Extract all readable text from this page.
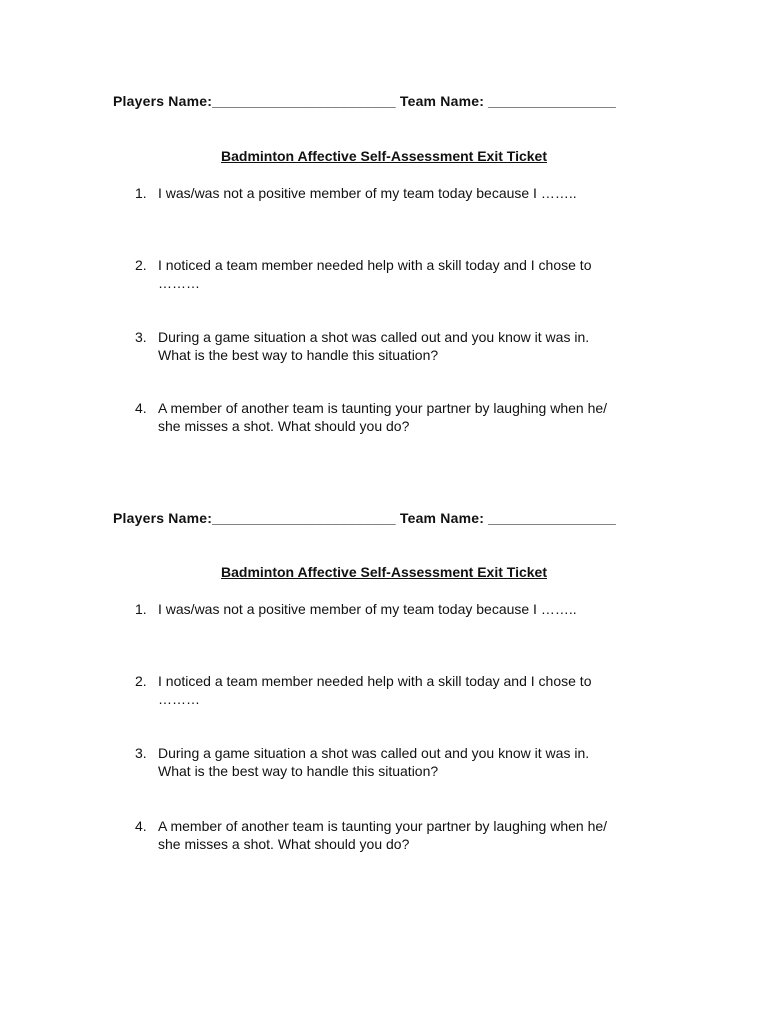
Players Name:_______________________ Team Name: ________________
Badminton Affective Self-Assessment Exit Ticket
1. I was/was not a positive member of my team today because I ……..
2. I noticed a team member needed help with a skill today and I chose to
………
3. During a game situation a shot was called out and you know it was in.
What is the best way to handle this situation?
4. A member of another team is taunting your partner by laughing when he/
she misses a shot. What should you do?
Players Name:_______________________ Team Name: ________________
Badminton Affective Self-Assessment Exit Ticket
1. I was/was not a positive member of my team today because I ……..
2. I noticed a team member needed help with a skill today and I chose to
………
3. During a game situation a shot was called out and you know it was in.
What is the best way to handle this situation?
4. A member of another team is taunting your partner by laughing when he/
she misses a shot. What should you do?
